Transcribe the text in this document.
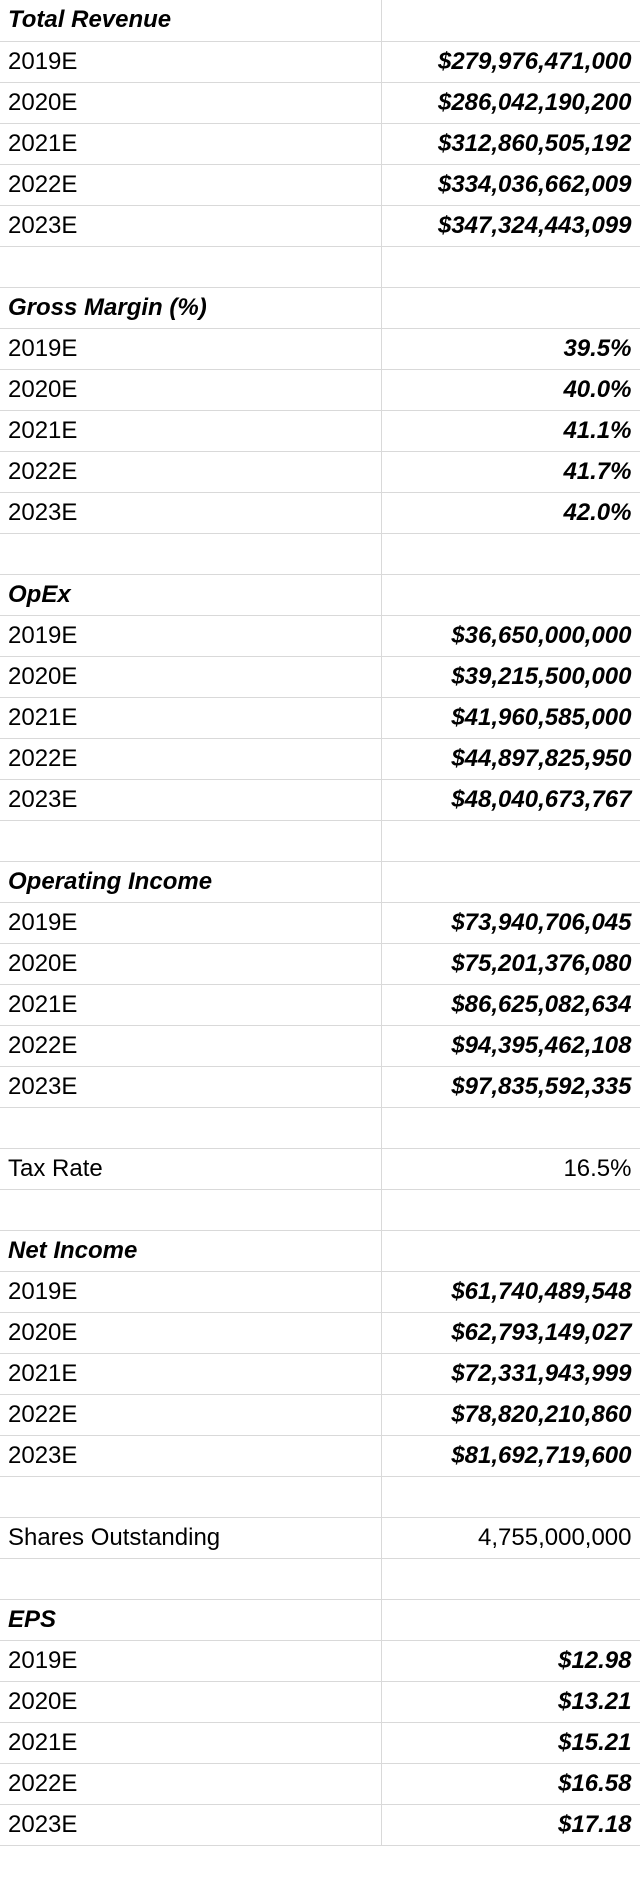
Total Revenue	
2019E	$279,976,471,000
2020E	$286,042,190,200
2021E	$312,860,505,192
2022E	$334,036,662,009
2023E	$347,324,443,099

Gross Margin (%)	
2019E	39.5%
2020E	40.0%
2021E	41.1%
2022E	41.7%
2023E	42.0%

OpEx	
2019E	$36,650,000,000
2020E	$39,215,500,000
2021E	$41,960,585,000
2022E	$44,897,825,950
2023E	$48,040,673,767

Operating Income	
2019E	$73,940,706,045
2020E	$75,201,376,080
2021E	$86,625,082,634
2022E	$94,395,462,108
2023E	$97,835,592,335

Tax Rate	16.5%

Net Income	
2019E	$61,740,489,548
2020E	$62,793,149,027
2021E	$72,331,943,999
2022E	$78,820,210,860
2023E	$81,692,719,600

Shares Outstanding	4,755,000,000

EPS	
2019E	$12.98
2020E	$13.21
2021E	$15.21
2022E	$16.58
2023E	$17.18
